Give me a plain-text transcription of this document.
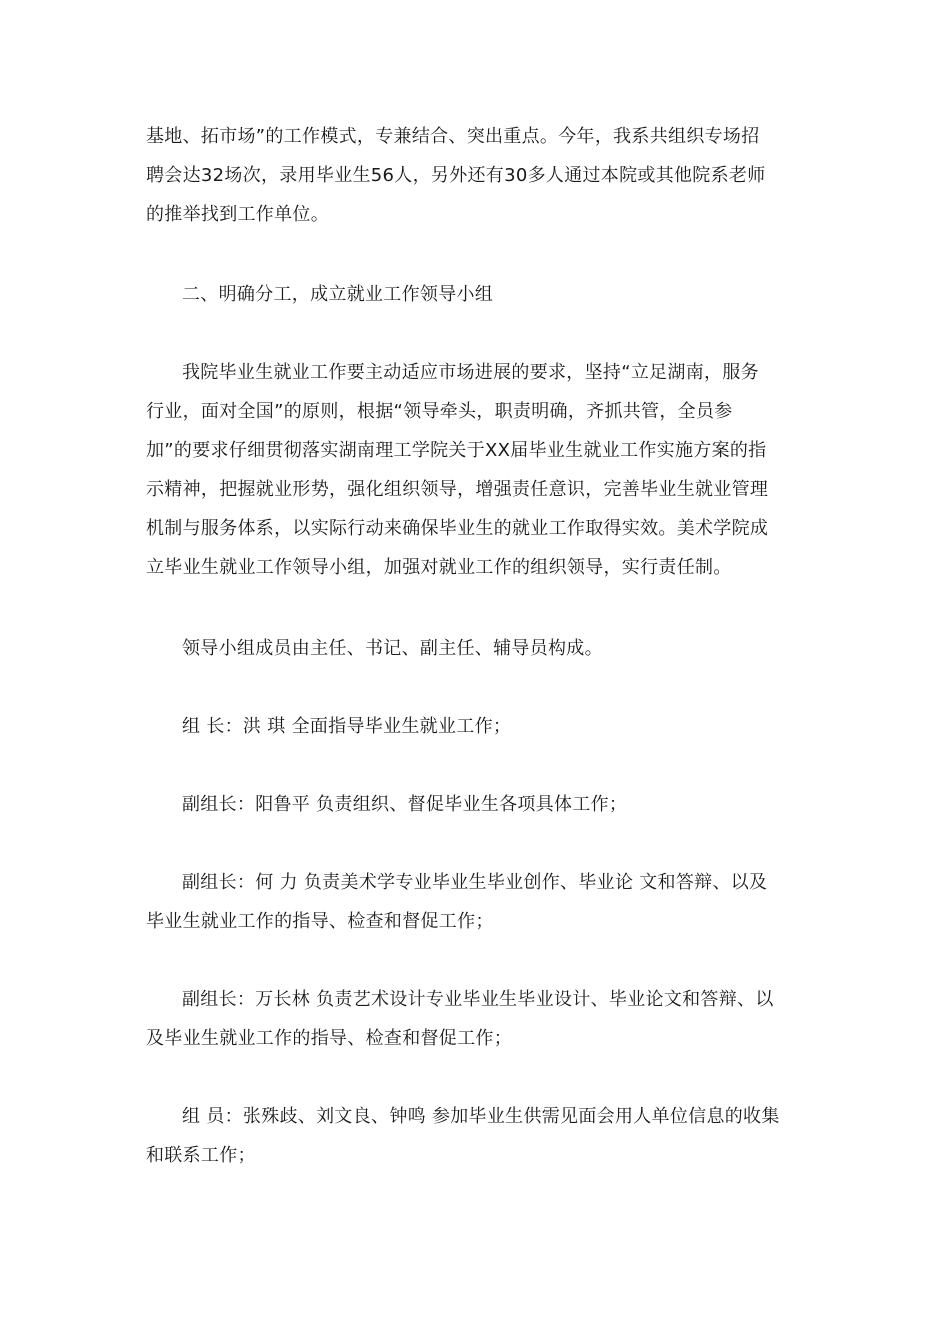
基地、拓市场”的工作模式，专兼结合、突出重点。今年，我系共组织专场招
聘会达32场次，录用毕业生56人，另外还有30多人通过本院或其他院系老师
的推举找到工作单位。

二、明确分工，成立就业工作领导小组

我院毕业生就业工作要主动适应市场进展的要求，坚持“立足湖南，服务
行业，面对全国”的原则，根据“领导牵头，职责明确，齐抓共管，全员参
加”的要求仔细贯彻落实湖南理工学院关于XX届毕业生就业工作实施方案的指
示精神，把握就业形势，强化组织领导，增强责任意识，完善毕业生就业管理
机制与服务体系，以实际行动来确保毕业生的就业工作取得实效。美术学院成
立毕业生就业工作领导小组，加强对就业工作的组织领导，实行责任制。

领导小组成员由主任、书记、副主任、辅导员构成。

组 长：洪 琪 全面指导毕业生就业工作；

副组长：阳鲁平 负责组织、督促毕业生各项具体工作；

副组长：何 力 负责美术学专业毕业生毕业创作、毕业论 文和答辩、以及
毕业生就业工作的指导、检查和督促工作；

副组长：万长林 负责艺术设计专业毕业生毕业设计、毕业论文和答辩、以
及毕业生就业工作的指导、检查和督促工作；

组 员：张殊歧、刘文良、钟鸣 参加毕业生供需见面会用人单位信息的收集
和联系工作；
